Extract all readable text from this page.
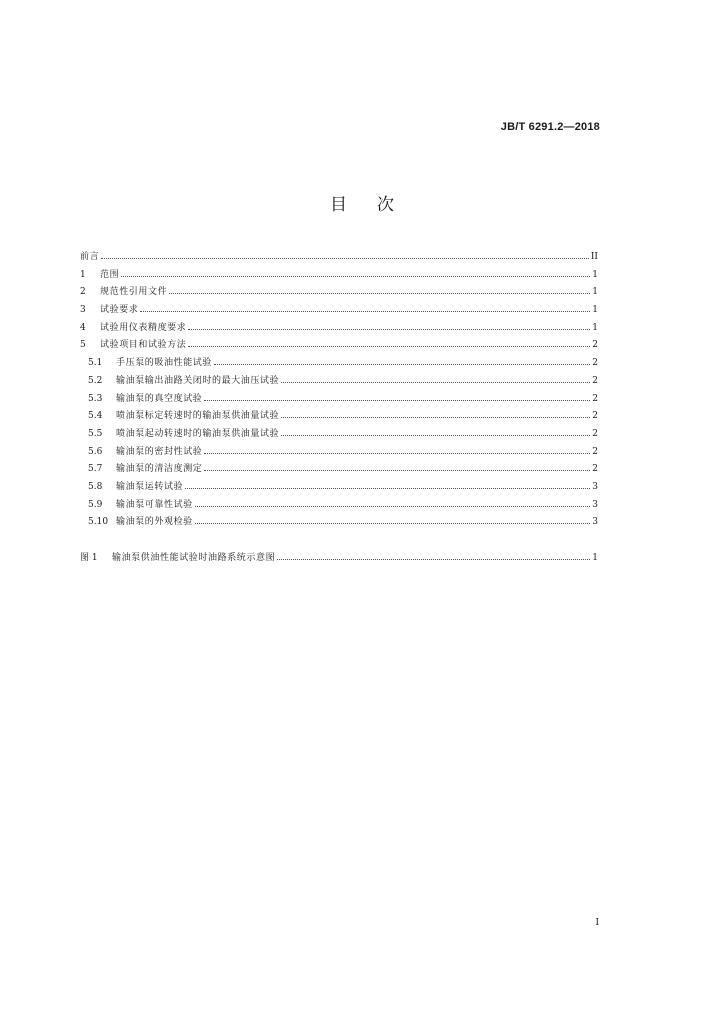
JB/T 6291.2—2018
目次
前言	II
1	范围	1
2	规范性引用文件	1
3	试验要求	1
4	试验用仪表精度要求	1
5	试验项目和试验方法	2
5.1	手压泵的吸油性能试验	2
5.2	输油泵输出油路关闭时的最大油压试验	2
5.3	输油泵的真空度试验	2
5.4	喷油泵标定转速时的输油泵供油量试验	2
5.5	喷油泵起动转速时的输油泵供油量试验	2
5.6	输油泵的密封性试验	2
5.7	输油泵的清洁度测定	2
5.8	输油泵运转试验	3
5.9	输油泵可靠性试验	3
5.10 输油泵的外观检验	3
图 1	输油泵供油性能试验时油路系统示意图	1
I
